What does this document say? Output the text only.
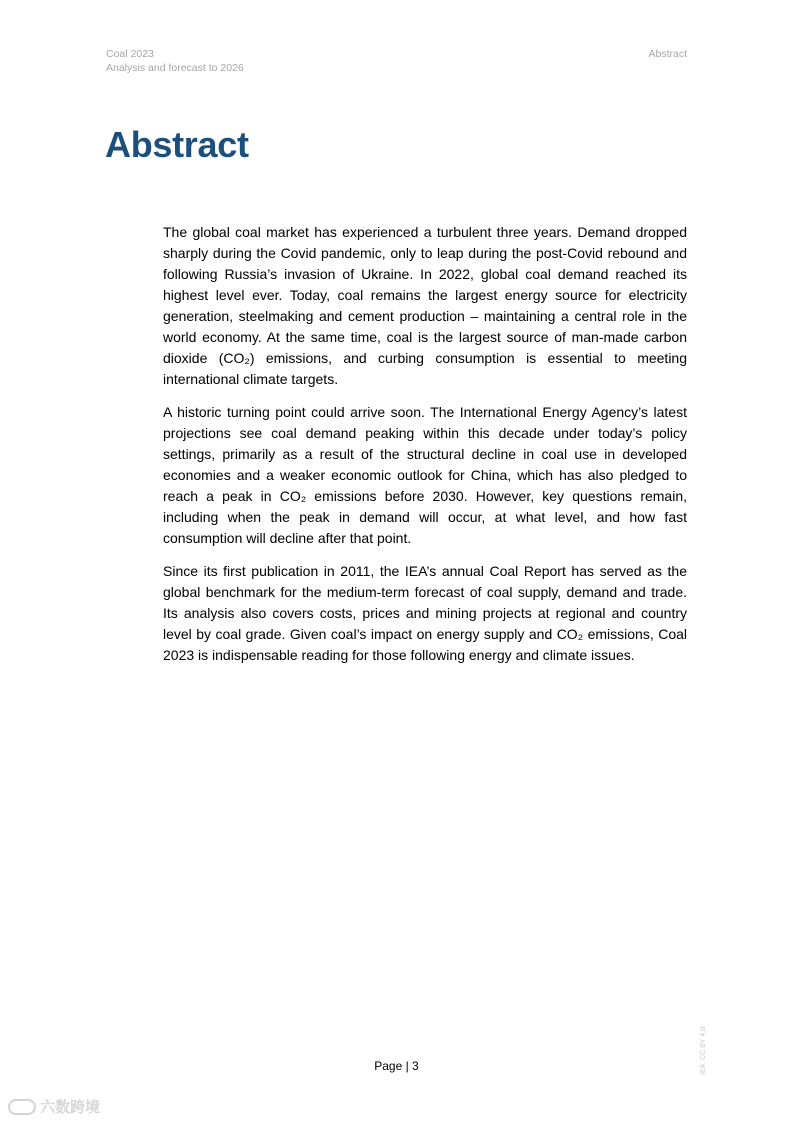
Coal 2023
Analysis and forecast to 2026
Abstract
Abstract

The global coal market has experienced a turbulent three years. Demand dropped sharply during the Covid pandemic, only to leap during the post-Covid rebound and following Russia’s invasion of Ukraine. In 2022, global coal demand reached its highest level ever. Today, coal remains the largest energy source for electricity generation, steelmaking and cement production – maintaining a central role in the world economy. At the same time, coal is the largest source of man-made carbon dioxide (CO₂) emissions, and curbing consumption is essential to meeting international climate targets.

A historic turning point could arrive soon. The International Energy Agency’s latest projections see coal demand peaking within this decade under today’s policy settings, primarily as a result of the structural decline in coal use in developed economies and a weaker economic outlook for China, which has also pledged to reach a peak in CO₂ emissions before 2030. However, key questions remain, including when the peak in demand will occur, at what level, and how fast consumption will decline after that point.

Since its first publication in 2011, the IEA’s annual Coal Report has served as the global benchmark for the medium-term forecast of coal supply, demand and trade. Its analysis also covers costs, prices and mining projects at regional and country level by coal grade. Given coal’s impact on energy supply and CO₂ emissions, Coal 2023 is indispensable reading for those following energy and climate issues.

Page | 3	IEA. CC BY 4.0.
六数跨境
